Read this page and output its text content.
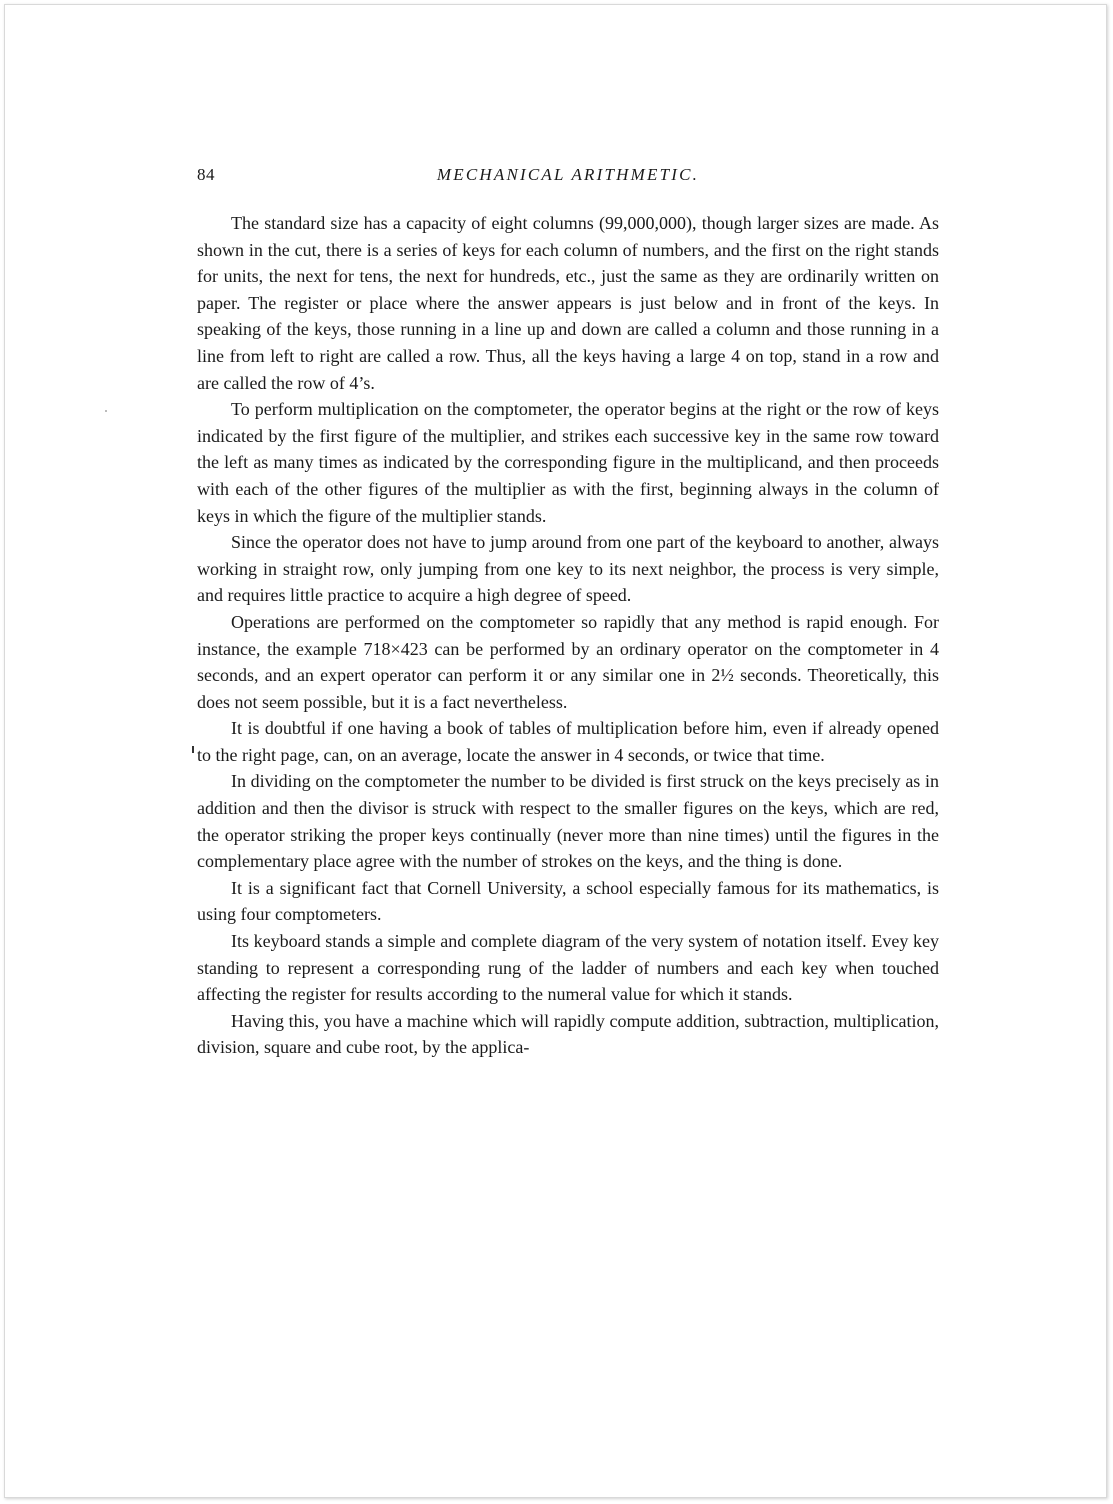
84	MECHANICAL ARITHMETIC.

The standard size has a capacity of eight columns (99,000,000), though larger sizes are made. As shown in the cut, there is a series of keys for each column of numbers, and the first on the right stands for units, the next for tens, the next for hundreds, etc., just the same as they are ordinarily written on paper. The register or place where the answer appears is just below and in front of the keys. In speaking of the keys, those running in a line up and down are called a column and those running in a line from left to right are called a row. Thus, all the keys having a large 4 on top, stand in a row and are called the row of 4’s.

To perform multiplication on the comptometer, the operator begins at the right or the row of keys indicated by the first figure of the multiplier, and strikes each successive key in the same row toward the left as many times as indicated by the corresponding figure in the multiplicand, and then proceeds with each of the other figures of the multiplier as with the first, beginning always in the column of keys in which the figure of the multiplier stands.

Since the operator does not have to jump around from one part of the keyboard to another, always working in straight row, only jumping from one key to its next neighbor, the process is very simple, and requires little practice to acquire a high degree of speed.

Operations are performed on the comptometer so rapidly that any method is rapid enough. For instance, the example 718×423 can be performed by an ordinary operator on the comptometer in 4 seconds, and an expert operator can perform it or any similar one in 2½ seconds. Theoretically, this does not seem possible, but it is a fact nevertheless.

It is doubtful if one having a book of tables of multiplication before him, even if already opened to the right page, can, on an average, locate the answer in 4 seconds, or twice that time.

In dividing on the comptometer the number to be divided is first struck on the keys precisely as in addition and then the divisor is struck with respect to the smaller figures on the keys, which are red, the operator striking the proper keys continually (never more than nine times) until the figures in the complementary place agree with the number of strokes on the keys, and the thing is done.

It is a significant fact that Cornell University, a school especially famous for its mathematics, is using four comptometers.

Its keyboard stands a simple and complete diagram of the very system of notation itself. Evey key standing to represent a corresponding rung of the ladder of numbers and each key when touched affecting the register for results according to the numeral value for which it stands.

Having this, you have a machine which will rapidly compute addition, subtraction, multiplication, division, square and cube root, by the applica-
